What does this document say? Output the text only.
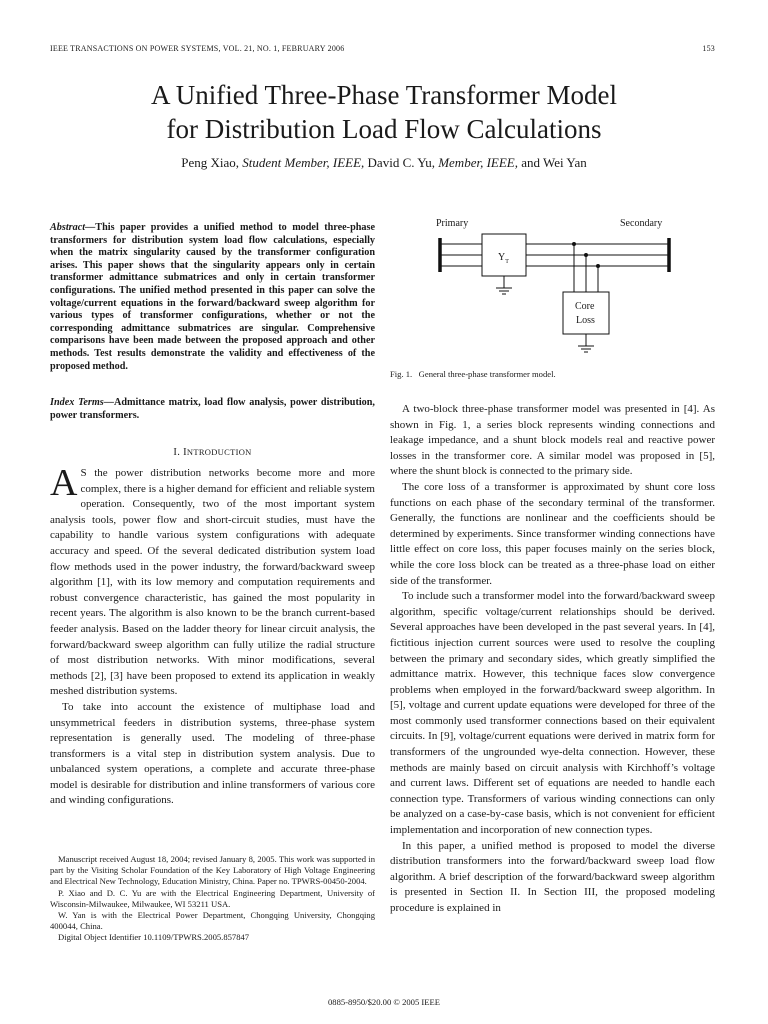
IEEE TRANSACTIONS ON POWER SYSTEMS, VOL. 21, NO. 1, FEBRUARY 2006	153
A Unified Three-Phase Transformer Model
for Distribution Load Flow Calculations
Peng Xiao, Student Member, IEEE, David C. Yu, Member, IEEE, and Wei Yan
Abstract—This paper provides a unified method to model three-phase transformers for distribution system load flow calculations, especially when the matrix singularity caused by the transformer configuration arises. This paper shows that the singularity appears only in certain transformer admittance submatrices and only in certain transformer configurations. The unified method presented in this paper can solve the voltage/current equations in the forward/backward sweep algorithm for various types of transformer configurations, whether or not the corresponding admittance submatrices are singular. Comprehensive comparisons have been made between the proposed approach and other methods. Test results demonstrate the validity and effectiveness of the proposed method.
Index Terms—Admittance matrix, load flow analysis, power distribution, power transformers.
I. INTRODUCTION

A S the power distribution networks become more and more complex, there is a higher demand for efficient and reliable system operation. Consequently, two of the most important system analysis tools, power flow and short-circuit studies, must have the capability to handle various system configurations with adequate accuracy and speed. Of the several dedicated distribution system load flow methods used in the power industry, the forward/backward sweep algorithm [1], with its low memory and computation requirements and robust convergence characteristic, has gained the most popularity in recent years. The algorithm is also known to be the branch current-based feeder analysis. Based on the ladder theory for linear circuit analysis, the forward/backward sweep algorithm can fully utilize the radial structure of most distribution networks. With minor modifications, several methods [2], [3] have been proposed to extend its application in weakly meshed distribution systems.

To take into account the existence of multiphase load and unsymmetrical feeders in distribution systems, three-phase system representation is generally used. The modeling of three-phase transformers is a vital step in distribution system analysis. Due to unbalanced system operations, a complete and accurate three-phase model is desirable for distribution and inline transformers of various core and winding configurations.

Manuscript received August 18, 2004; revised January 8, 2005. This work was supported in part by the Visiting Scholar Foundation of the Key Laboratory of High Voltage Engineering and Electrical New Technology, Education Ministry, China. Paper no. TPWRS-00450-2004.

P. Xiao and D. C. Yu are with the Electrical Engineering Department, University of Wisconsin-Milwaukee, Milwaukee, WI 53211 USA.

W. Yan is with the Electrical Power Department, Chongqing University, Chongqing 400044, China.

Digital Object Identifier 10.1109/TPWRS.2005.857847

Primary	Secondary
$Y_T$
Core
Loss
Fig. 1. General three-phase transformer model.

A two-block three-phase transformer model was presented in [4]. As shown in Fig. 1, a series block represents winding connections and leakage impedance, and a shunt block models real and reactive power losses in the transformer core. A similar model was proposed in [5], where the shunt block is connected to the primary side.

The core loss of a transformer is approximated by shunt core loss functions on each phase of the secondary terminal of the transformer. Generally, the functions are nonlinear and the coefficients should be determined by experiments. Since transformer winding connections have little effect on core loss, this paper focuses mainly on the series block, while the core loss block can be treated as a three-phase load on either side of the transformer.

To include such a transformer model into the forward/backward sweep algorithm, specific voltage/current relationships should be derived. Several approaches have been developed in the past several years. In [4], fictitious injection current sources were used to resolve the coupling between the primary and secondary sides, which greatly simplified the admittance matrix. However, this technique faces slow convergence problems when employed in the forward/backward sweep algorithm. In [5], voltage and current update equations were developed for three of the most commonly used transformer connections based on their equivalent circuits. In [9], voltage/current equations were derived in matrix form for transformers of the ungrounded wye-delta connection. However, these methods are mainly based on circuit analysis with Kirchhoff’s voltage and current laws. Different set of equations are needed to handle each connection type. Transformers of various winding connections can only be analyzed on a case-by-case basis, which is not convenient for efficient implementation and incorporation of new connection types.

In this paper, a unified method is proposed to model the diverse distribution transformers into the forward/backward sweep load flow algorithm. A brief description of the forward/backward sweep algorithm is presented in Section II. In Section III, the proposed modeling procedure is explained in

0885-8950/$20.00 © 2005 IEEE
